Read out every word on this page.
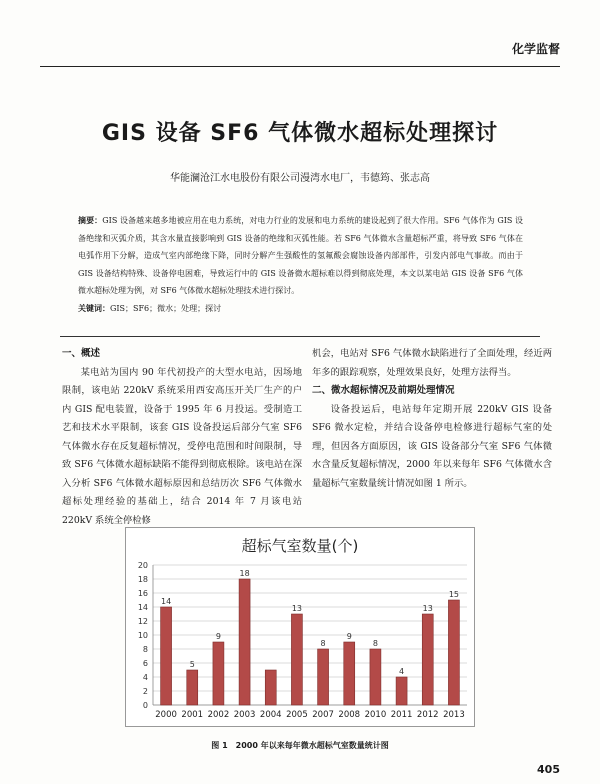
化学监督
GIS 设备 SF6 气体微水超标处理探讨
华能澜沧江水电股份有限公司漫湾水电厂，韦德筠、张志高
摘要：GIS 设备越来越多地被应用在电力系统，对电力行业的发展和电力系统的建设起到了很大作用。SF6 气体作为 GIS 设备绝缘和灭弧介质，其含水量直接影响到 GIS 设备的绝缘和灭弧性能。若 SF6 气体微水含量超标严重，将导致 SF6 气体在电弧作用下分解，造成气室内部绝缘下降，同时分解产生强酸性的氢氟酸会腐蚀设备内部部件，引发内部电气事故。而由于 GIS 设备结构特殊、设备停电困难，导致运行中的 GIS 设备微水超标难以得到彻底处理，本文以某电站 GIS 设备 SF6 气体微水超标处理为例，对 SF6 气体微水超标处理技术进行探讨。
关键词：GIS；SF6；微水；处理；探讨
一、概述

某电站为国内 90 年代初投产的大型水电站，因场地限制，该电站 220kV 系统采用西安高压开关厂生产的户内 GIS 配电装置，设备于 1995 年 6 月投运。受制造工艺和技术水平限制，该套 GIS 设备投运后部分气室 SF6 气体微水存在反复超标情况，受停电范围和时间限制，导致 SF6 气体微水超标缺陷不能得到彻底根除。该电站在深入分析 SF6 气体微水超标原因和总结历次 SF6 气体微水超标处理经验的基础上，结合 2014 年 7 月该电站 220kV 系统全停检修

机会，电站对 SF6 气体微水缺陷进行了全面处理，经近两年多的跟踪观察，处理效果良好，处理方法得当。

二、微水超标情况及前期处理情况

设备投运后，电站每年定期开展 220kV GIS 设备 SF6 微水定检，并结合设备停电检修进行超标气室的处理，但因各方面原因，该 GIS 设备部分气室 SF6 气体微水含量反复超标情况，2000 年以来每年 SF6 气体微水含量超标气室数量统计情况如图 1 所示。

超标气室数量(个)
0
2
4
6
8
10
12
14
16
18
20
14
2000
5
2001
9
2002
18
2003 2004
13
2005
8
2007
9
2008
8
2010
4
2011
13
2012
15
2013
图 1　2000 年以来每年微水超标气室数量统计图
405
